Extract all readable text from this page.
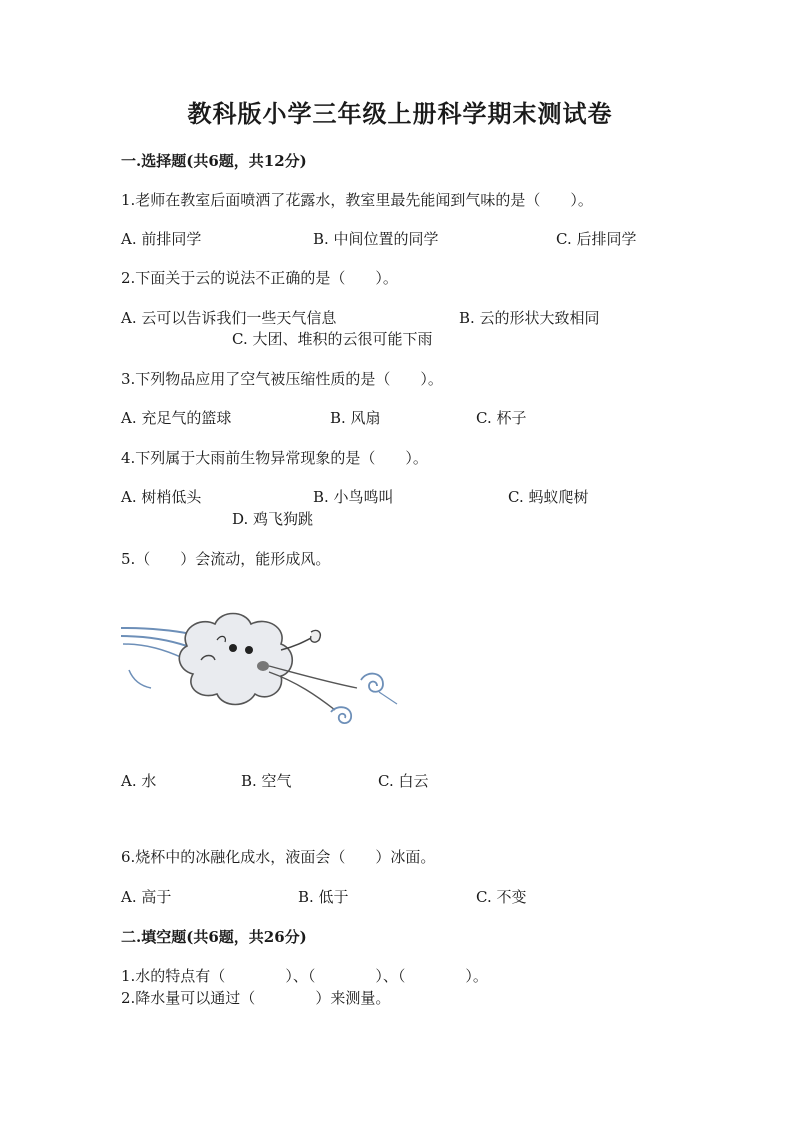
教科版小学三年级上册科学期末测试卷
一.选择题(共6题，共12分)
1.老师在教室后面喷洒了花露水，教室里最先能闻到气味的是（　　）。
A. 前排同学	B. 中间位置的同学	C. 后排同学
2.下面关于云的说法不正确的是（　　）。
A. 云可以告诉我们一些天气信息	B. 云的形状大致相同
C. 大团、堆积的云很可能下雨
3.下列物品应用了空气被压缩性质的是（　　）。
A. 充足气的篮球	B. 风扇	C. 杯子
4.下列属于大雨前生物异常现象的是（　　）。
A. 树梢低头	B. 小鸟鸣叫	C. 蚂蚁爬树
D. 鸡飞狗跳
5.（　　）会流动，能形成风。
A. 水	B. 空气	C. 白云
6.烧杯中的冰融化成水，液面会（　　）冰面。
A. 高于	B. 低于	C. 不变
二.填空题(共6题，共26分)
1.水的特点有（　　　　）、（　　　　）、（　　　　）。
2.降水量可以通过（　　　　）来测量。
